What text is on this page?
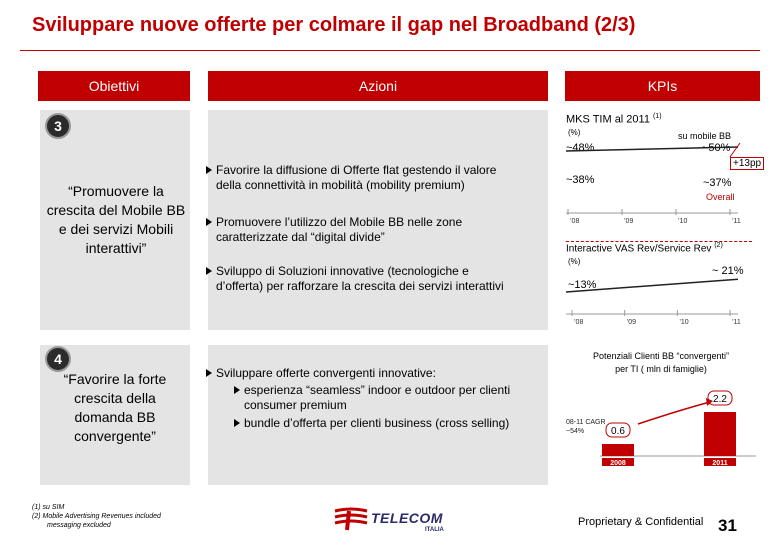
Sviluppare nuove offerte per colmare il gap nel Broadband (2/3)
Obiettivi	Azioni	KPIs
3
“Promuovere la
crescita del Mobile BB
e dei servizi Mobili
interattivi”
Favorire la diffusione di Offerte flat gestendo il valore
della connettività in mobilità (mobility premium)
Promuovere l’utilizzo del Mobile BB nelle zone
caratterizzate dal “digital divide”
Sviluppo di Soluzioni innovative (tecnologiche e
d’offerta) per rafforzare la crescita dei servizi interattivi
4
“Favorire la forte
crescita della
domanda BB
convergente”
Sviluppare offerte convergenti innovative:
esperienza “seamless” indoor e outdoor per clienti
consumer premium
bundle d’offerta per clienti business (cross selling)
MKS TIM al 2011 $^{(1)}$
(%)	su mobile BB
~48%	~50%
+13pp
~38%	~37%
Overall
’08	’09	’10	’11
Interactive VAS Rev/Service Rev $^{(2)}$
(%)
~ 21%
~13%
’08	’09	’10	’11
Potenziali Clienti BB “convergenti”
per TI ( mln di famiglie)
08-11 CAGR
~54%	0.6
2008
2.2
2011
(1) su SIM
(2) Mobile Advertising Revenues included
messaging excluded	TELECOM
ITALIA
Proprietary & Confidential 31
